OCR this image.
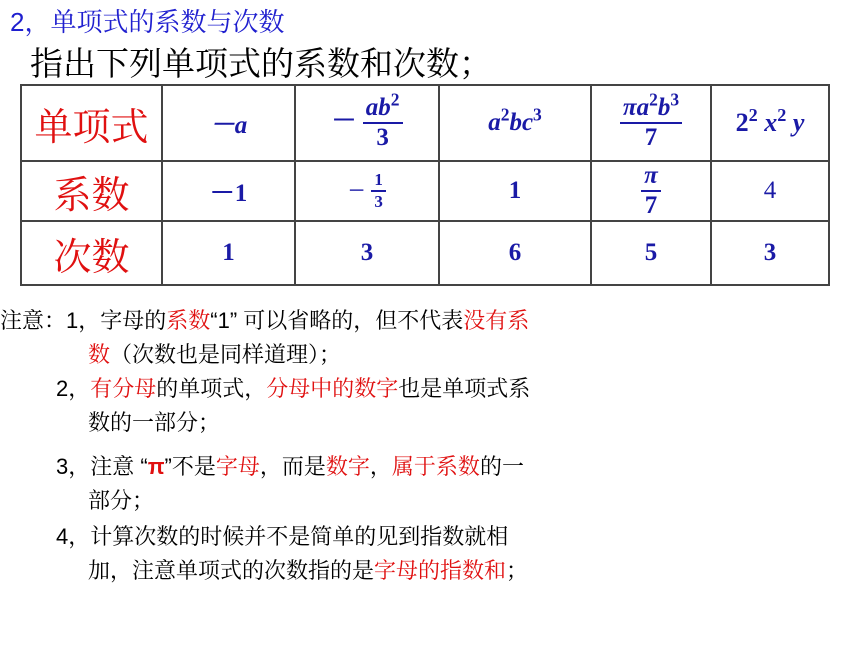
2，单项式的系数与次数
指出下列单项式的系数和次数；
单项式	－a	－ $\frac{ab^2}{3}$	$a^2bc^3$	$\frac{\pi a^2b^3}{7}$	$2^2$ $x^2$ y
系数	－1	－ $\frac{1}{3}$	1	$\frac{\pi}{7}$	4
次数	1	3	6	5	3
注意：1，字母的系数“1” 可以省略的，但不代表没有系
数（次数也是同样道理）；
2，有分母的单项式，分母中的数字也是单项式系
数的一部分；
3，注意 “π”不是字母，而是数字，属于系数的一
部分；
4，计算次数的时候并不是简单的见到指数就相
加，注意单项式的次数指的是字母的指数和；
